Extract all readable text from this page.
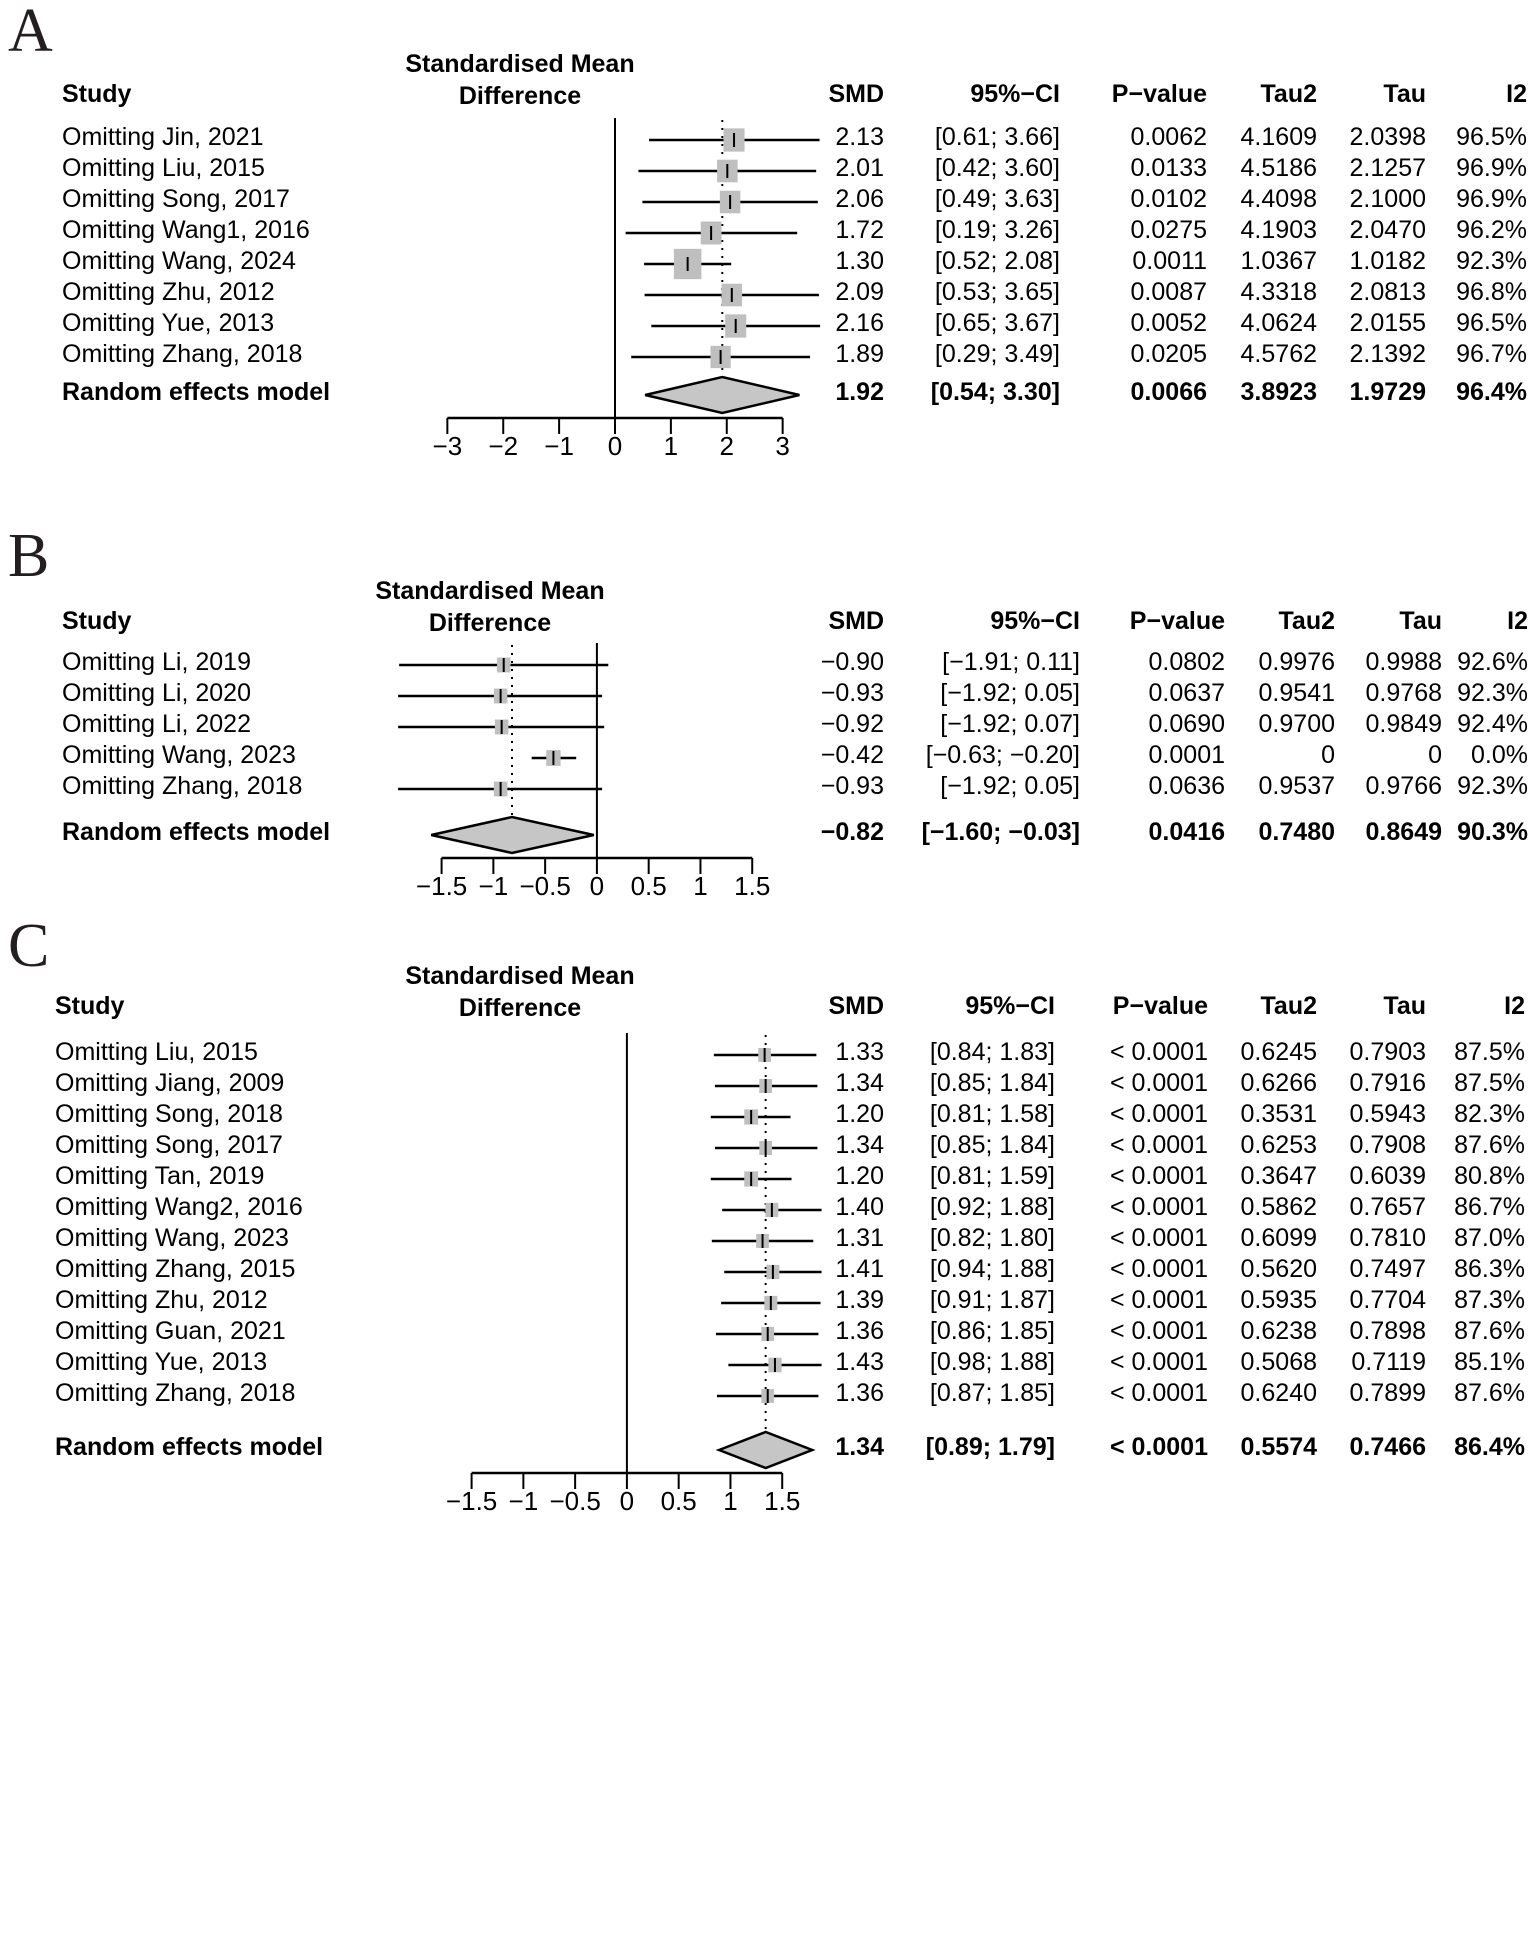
A	Standardised Mean
Difference
Study	SMD	95%−CI	P−value	Tau2	Tau	I2
−3 −2 −1 0 1 2 3
Omitting Jin, 2021	2.13	[0.61; 3.66]	0.0062	4.1609	2.0398	96.5%
Omitting Liu, 2015	2.01	[0.42; 3.60]	0.0133	4.5186	2.1257	96.9%
Omitting Song, 2017	2.06	[0.49; 3.63]	0.0102	4.4098	2.1000	96.9%
Omitting Wang1, 2016	1.72	[0.19; 3.26]	0.0275	4.1903	2.0470	96.2%
Omitting Wang, 2024	1.30	[0.52; 2.08]	0.0011	1.0367	1.0182	92.3%
Omitting Zhu, 2012	2.09	[0.53; 3.65]	0.0087	4.3318	2.0813	96.8%
Omitting Yue, 2013	2.16	[0.65; 3.67]	0.0052	4.0624	2.0155	96.5%
Omitting Zhang, 2018	1.89	[0.29; 3.49]	0.0205	4.5762	2.1392	96.7%
Random effects model	1.92	[0.54; 3.30]	0.0066	3.8923	1.9729	96.4%
B
Standardised Mean
Difference
Study	SMD	95%−CI	P−value	Tau2	Tau	I2
−1.5 −1 −0.5 0 0.5 1 1.5
Omitting Li, 2019	−0.90	[−1.91; 0.11]	0.0802	0.9976	0.9988 92.6%
Omitting Li, 2020	−0.93	[−1.92; 0.05]	0.0637	0.9541	0.9768 92.3%
Omitting Li, 2022	−0.92	[−1.92; 0.07]	0.0690	0.9700	0.9849 92.4%
Omitting Wang, 2023	−0.42	[−0.63; −0.20]	0.0001	0	0	0.0%
Omitting Zhang, 2018	−0.93	[−1.92; 0.05]	0.0636	0.9537	0.9766 92.3%
Random effects model	−0.82	[−1.60; −0.03]	0.0416	0.7480	0.8649 90.3%
C	Standardised Mean
Difference
Study	SMD	95%−CI	P−value	Tau2	Tau	I2
−1.5 −1 −0.5 0 0.5 1 1.5
Omitting Liu, 2015	1.33	[0.84; 1.83]	< 0.0001	0.6245	0.7903	87.5%
Omitting Jiang, 2009	1.34	[0.85; 1.84]	< 0.0001	0.6266	0.7916	87.5%
Omitting Song, 2018	1.20	[0.81; 1.58]	< 0.0001	0.3531	0.5943	82.3%
Omitting Song, 2017	1.34	[0.85; 1.84]	< 0.0001	0.6253	0.7908	87.6%
Omitting Tan, 2019	1.20	[0.81; 1.59]	< 0.0001	0.3647	0.6039	80.8%
Omitting Wang2, 2016	1.40	[0.92; 1.88]	< 0.0001	0.5862	0.7657	86.7%
Omitting Wang, 2023	1.31	[0.82; 1.80]	< 0.0001	0.6099	0.7810	87.0%
Omitting Zhang, 2015	1.41	[0.94; 1.88]	< 0.0001	0.5620	0.7497	86.3%
Omitting Zhu, 2012	1.39	[0.91; 1.87]	< 0.0001	0.5935	0.7704	87.3%
Omitting Guan, 2021	1.36	[0.86; 1.85]	< 0.0001	0.6238	0.7898	87.6%
Omitting Yue, 2013	1.43	[0.98; 1.88]	< 0.0001	0.5068	0.7119	85.1%
Omitting Zhang, 2018	1.36	[0.87; 1.85]	< 0.0001	0.6240	0.7899	87.6%
Random effects model	1.34	[0.89; 1.79]	< 0.0001	0.5574	0.7466	86.4%
